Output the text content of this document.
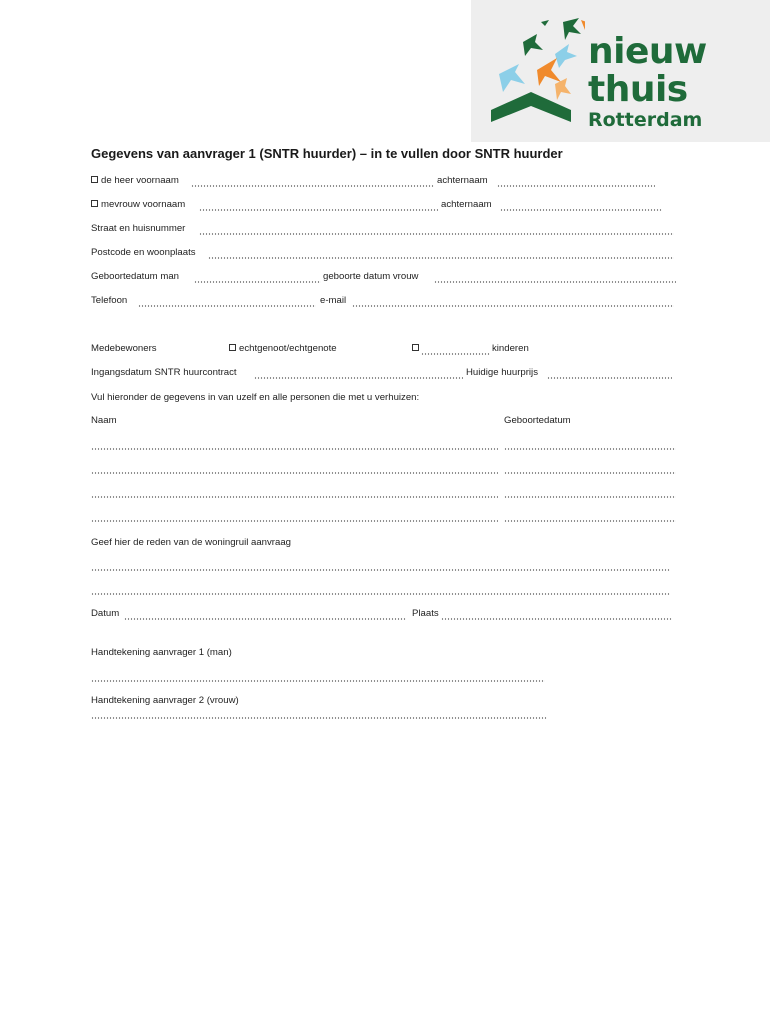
nieuw
thuis
Rotterdam
Gegevens van aanvrager 1 (SNTR huurder) – in te vullen door SNTR huurder
de heer voornaam	achternaam
mevrouw voornaam	achternaam
Straat en huisnummer
Postcode en woonplaats
Geboortedatum man	geboorte datum vrouw
Telefoon	e-mail
Medebewoners	echtgenoot/echtgenote	kinderen
Ingangsdatum SNTR huurcontract	Huidige huurprijs
Vul hieronder de gegevens in van uzelf en alle personen die met u verhuizen:
Naam	Geboortedatum
Geef hier de reden van de woningruil aanvraag
Datum	Plaats
Handtekening aanvrager 1 (man)
Handtekening aanvrager 2 (vrouw)
